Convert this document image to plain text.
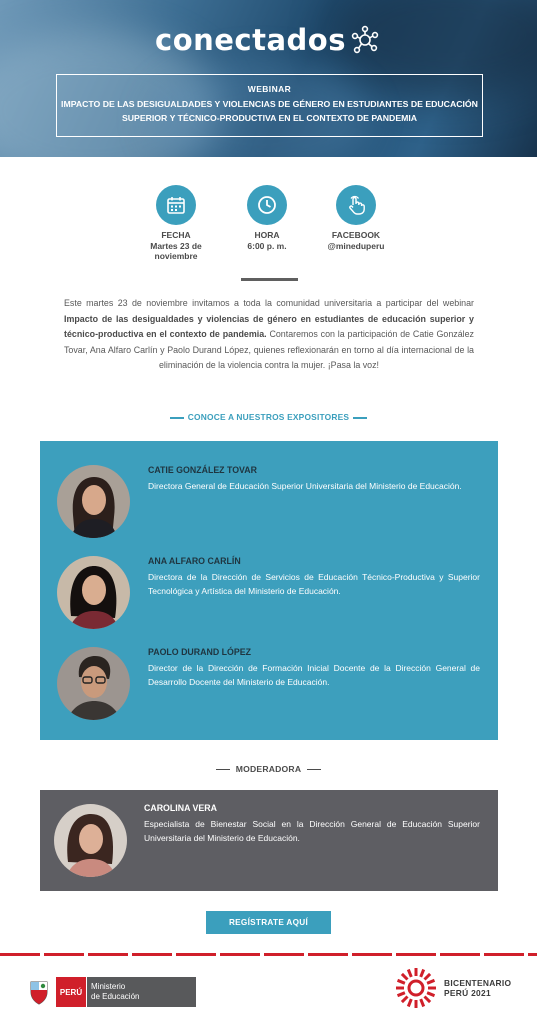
conectados
WEBINAR
IMPACTO DE LAS DESIGUALDADES Y VIOLENCIAS DE GÉNERO EN ESTUDIANTES DE EDUCACIÓN SUPERIOR Y TÉCNICO-PRODUCTIVA EN EL CONTEXTO DE PANDEMIA
FECHA
Martes 23 de noviembre
HORA
6:00 p. m.
FACEBOOK
@mineduperu

Este martes 23 de noviembre invitamos a toda la comunidad universitaria a participar del webinar Impacto de las desigualdades y violencias de género en estudiantes de educación superior y técnico-productiva en el contexto de pandemia. Contaremos con la participación de Catie González Tovar, Ana Alfaro Carlín y Paolo Durand López, quienes reflexionarán en torno al día internacional de la eliminación de la violencia contra la mujer. ¡Pasa la voz!

CONOCE A NUESTROS EXPOSITORES
CATIE GONZÁLEZ TOVAR
Directora General de Educación Superior Universitaria del Ministerio de Educación.
ANA ALFARO CARLÍN
Directora de la Dirección de Servicios de Educación Técnico-Productiva y Superior Tecnológica y Artística del Ministerio de Educación.
PAOLO DURAND LÓPEZ
Director de la Dirección de Formación Inicial Docente de la Dirección General de Desarrollo Docente del Ministerio de Educación.
MODERADORA
CAROLINA VERA
Especialista de Bienestar Social en la Dirección General de Educación Superior Universitaria del Ministerio de Educación.
REGÍSTRATE AQUÍ
PERÚ
Ministerio
de Educación
BICENTENARIO
PERÚ 2021
